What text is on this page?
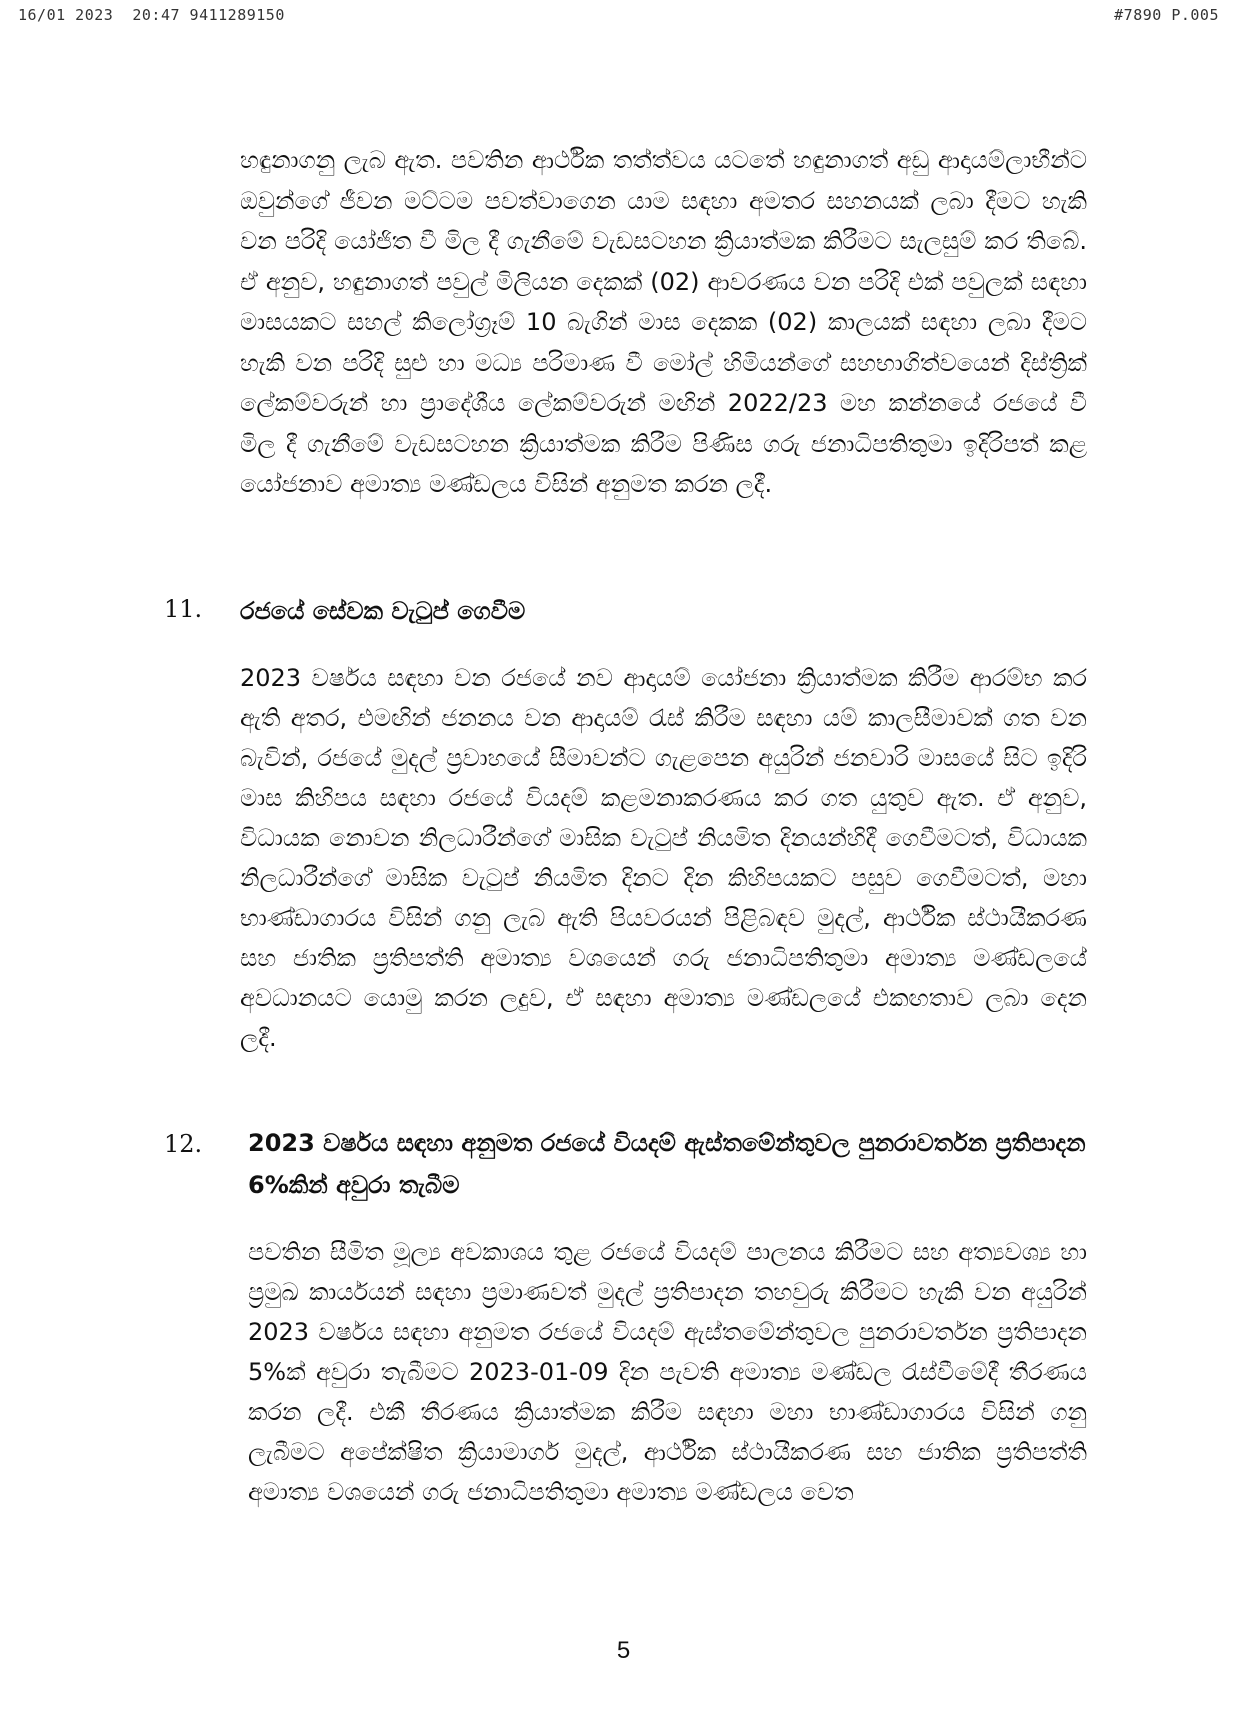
16/01 2023  20:47 9411289150	#7890 P.005

හඳුනාගනු ලැබ ඇත. පවතින ආර්ථික තත්ත්වය යටතේ හඳුනාගත් අඩු ආදායම්ලාභීන්ට ඔවුන්ගේ ජීවන මට්ටම පවත්වාගෙන යාම සඳහා අමතර සහනයක් ලබා දීමට හැකි වන පරිදි යෝජිත වී මිල දී ගැනීමේ වැඩසටහන ක්‍රියාත්මක කිරීමට සැලසුම් කර තිබේ. ඒ අනුව, හඳුනාගත් පවුල් මිලියන දෙකක් (02) ආවරණය වන පරිදි එක් පවුලක් සඳහා මාසයකට සහල් කිලෝග්‍රෑම් 10 බැගින් මාස දෙකක (02) කාලයක් සඳහා ලබා දීමට හැකි වන පරිදි සුළු හා මධ්‍ය පරිමාණ වී මෝල් හිමියන්ගේ සහභාගිත්වයෙන් දිස්ත්‍රික් ලේකම්වරුන් හා ප්‍රාදේශීය ලේකම්වරුන් මඟින් 2022/23 මහ කන්නයේ රජයේ වී මිල දී ගැනීමේ වැඩසටහන ක්‍රියාත්මක කිරීම පිණිස ගරු ජනාධිපතිතුමා ඉදිරිපත් කළ යෝජනාව අමාත්‍ය මණ්ඩලය විසින් අනුමත කරන ලදී.

11. රජයේ සේවක වැටුප් ගෙවීම

2023 වර්ෂය සඳහා වන රජයේ නව ආදායම් යෝජනා ක්‍රියාත්මක කිරීම ආරම්භ කර ඇති අතර, එමඟින් ජනනය වන ආදායම් රැස් කිරීම සඳහා යම් කාලසීමාවක් ගත වන බැවින්, රජයේ මුදල් ප්‍රවාහයේ සීමාවන්ට ගැළපෙන අයුරින් ජනවාරි මාසයේ සිට ඉදිරි මාස කිහිපය සඳහා රජයේ වියදම් කළමනාකරණය කර ගත යුතුව ඇත. ඒ අනුව, විධායක නොවන නිලධාරීන්ගේ මාසික වැටුප් නියමිත දිනයන්හිදී ගෙවීමටත්, විධායක නිලධාරීන්ගේ මාසික වැටුප් නියමිත දිනට දින කිහිපයකට පසුව ගෙවීමටත්, මහා භාණ්ඩාගාරය විසින් ගනු ලැබ ඇති පියවරයන් පිළිබඳව මුදල්, ආර්ථික ස්ථායීකරණ සහ ජාතික ප්‍රතිපත්ති අමාත්‍ය වශයෙන් ගරු ජනාධිපතිතුමා අමාත්‍ය මණ්ඩලයේ අවධානයට යොමු කරන ලදුව, ඒ සඳහා අමාත්‍ය මණ්ඩලයේ එකඟතාව ලබා දෙන ලදී.

12. 2023 වර්ෂය සඳහා අනුමත රජයේ වියදම් ඇස්තමේන්තුවල පුනරාවර්තන ප්‍රතිපාදන 6%කින් අවුරා තැබීම

පවතින සීමිත මූල්‍ය අවකාශය තුළ රජයේ වියදම් පාලනය කිරීමට සහ අත්‍යවශ්‍ය හා ප්‍රමුඛ කාර්යයන් සඳහා ප්‍රමාණවත් මුදල් ප්‍රතිපාදන තහවුරු කිරීමට හැකි වන අයුරින් 2023 වර්ෂය සඳහා අනුමත රජයේ වියදම් ඇස්තමේන්තුවල පුනරාවර්තන ප්‍රතිපාදන 5%ක් අවුරා තැබීමට 2023-01-09 දින පැවති අමාත්‍ය මණ්ඩල රැස්වීමේදී තීරණය කරන ලදී. එකී තීරණය ක්‍රියාත්මක කිරීම සඳහා මහා භාණ්ඩාගාරය විසින් ගනු ලැබීමට අපේක්ෂිත ක්‍රියාමාර්ග මුදල්, ආර්ථික ස්ථායීකරණ සහ ජාතික ප්‍රතිපත්ති අමාත්‍ය වශයෙන් ගරු ජනාධිපතිතුමා අමාත්‍ය මණ්ඩලය වෙත

5
